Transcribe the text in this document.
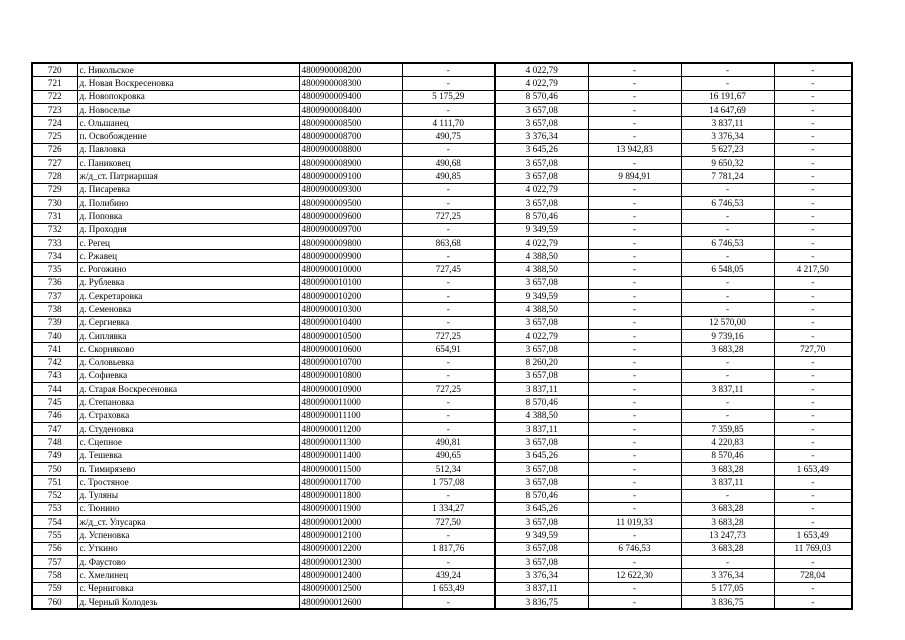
720	с. Никольское	4800900008200	-	4 022,79	-	-	-
721	д. Новая Воскресеновка	4800900008300	-	4 022,79	-	-	-
722	д. Новопокровка	4800900009400	5 175,29	8 570,46	-	16 191,67	-
723	д. Новоселье	4800900008400	-	3 657,08	-	14 647,69	-
724	с. Ольшанец	4800900008500	4 111,70	3 657,08	-	3 837,11	-
725	п. Освобождение	4800900008700	490,75	3 376,34	-	3 376,34	-
726	д. Павловка	4800900008800	-	3 645,26	13 942,83	5 627,23	-
727	с. Паниковец	4800900008900	490,68	3 657,08	-	9 650,32	-
728	ж/д_ст. Патриаршая	4800900009100	490,85	3 657,08	9 894,91	7 781,24	-
729	д. Писаревка	4800900009300	-	4 022,79	-	-	-
730	д. Полибино	4800900009500	-	3 657,08	-	6 746,53	-
731	д. Поповка	4800900009600	727,25	8 570,46	-	-	-
732	д. Проходня	4800900009700	-	9 349,59	-	-	-
733	с. Регец	4800900009800	863,68	4 022,79	-	6 746,53	-
734	с. Ржавец	4800900009900	-	4 388,50	-	-	-
735	с. Рогожино	4800900010000	727,45	4 388,50	-	6 548,05	4 217,50
736	д. Рублевка	4800900010100	-	3 657,08	-	-	-
737	д. Секретаровка	4800900010200	-	9 349,59	-	-	-
738	д. Семеновка	4800900010300	-	4 388,50	-	-	-
739	д. Сергиевка	4800900010400	-	3 657,08	-	12 570,00	-
740	д. Сиплявка	4800900010500	727,25	4 022,79	-	9 739,16	-
741	с. Скорняково	4800900010600	654,91	3 657,08	-	3 683,28	727,70
742	д. Соловьевка	4800900010700	-	8 260,20	-	-	-
743	д. Софиевка	4800900010800	-	3 657,08	-	-	-
744	д. Старая Воскресеновка	4800900010900	727,25	3 837,11	-	3 837,11	-
745	д. Степановка	4800900011000	-	8 570,46	-	-	-
746	д. Страховка	4800900011100	-	4 388,50	-	-	-
747	д. Студеновка	4800900011200	-	3 837,11	-	7 359,85	-
748	с. Сцепное	4800900011300	490,81	3 657,08	-	4 220,83	-
749	д. Тешевка	4800900011400	490,65	3 645,26	-	8 570,46	-
750	п. Тимирязево	4800900011500	512,34	3 657,08	-	3 683,28	1 653,49
751	с. Тростяное	4800900011700	1 757,08	3 657,08	-	3 837,11	-
752	д. Туляны	4800900011800	-	8 570,46	-	-	-
753	с. Тюнино	4800900011900	1 334,27	3 645,26	-	3 683,28	-
754	ж/д_ст. Улусарка	4800900012000	727,50	3 657,08	11 019,33	3 683,28	-
755	д. Успеновка	4800900012100	-	9 349,59	-	13 247,73	1 653,49
756	с. Уткино	4800900012200	1 817,76	3 657,08	6 746,53	3 683,28	11 769,03
757	д. Фаустово	4800900012300	-	3 657,08	-	-	-
758	с. Хмелинец	4800900012400	439,24	3 376,34	12 622,30	3 376,34	728,04
759	с. Черниговка	4800900012500	1 653,49	3 837,11	-	5 177,05	-
760	д. Черный Колодезь	4800900012600	-	3 836,75	-	3 836,75	-
